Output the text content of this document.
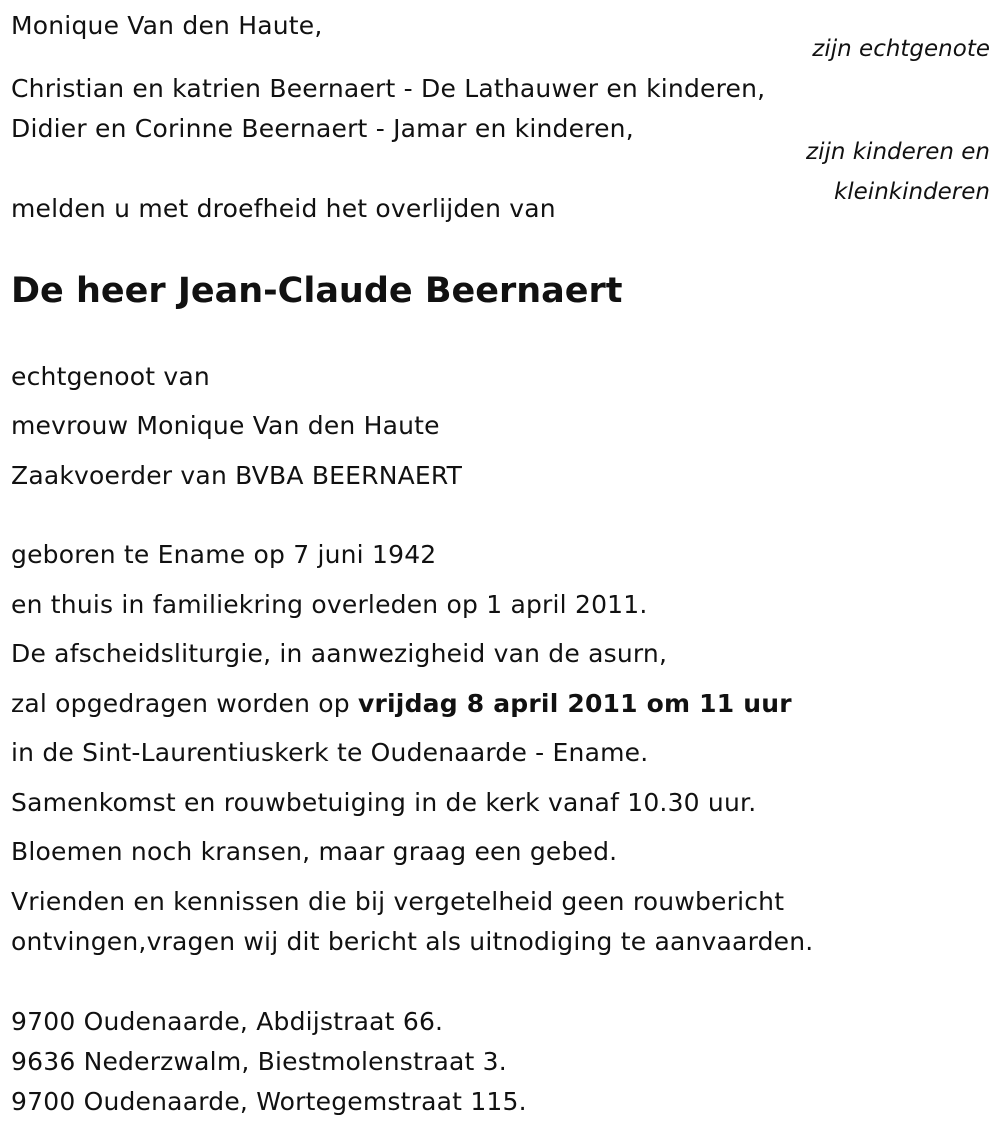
Monique Van den Haute,
zijn echtgenote
Christian en katrien Beernaert - De Lathauwer en kinderen,
Didier en Corinne Beernaert - Jamar en kinderen,
zijn kinderen en
kleinkinderen
melden u met droefheid het overlijden van
De heer Jean-Claude Beernaert
echtgenoot van
mevrouw Monique Van den Haute
Zaakvoerder van BVBA BEERNAERT
geboren te Ename op 7 juni 1942
en thuis in familiekring overleden op 1 april 2011.
De afscheidsliturgie, in aanwezigheid van de asurn,
zal opgedragen worden op vrijdag 8 april 2011 om 11 uur
in de Sint-Laurentiuskerk te Oudenaarde - Ename.
Samenkomst en rouwbetuiging in de kerk vanaf 10.30 uur.
Bloemen noch kransen, maar graag een gebed.
Vrienden en kennissen die bij vergetelheid geen rouwbericht
ontvingen,vragen wij dit bericht als uitnodiging te aanvaarden.
9700 Oudenaarde, Abdijstraat 66.
9636 Nederzwalm, Biestmolenstraat 3.
9700 Oudenaarde, Wortegemstraat 115.
